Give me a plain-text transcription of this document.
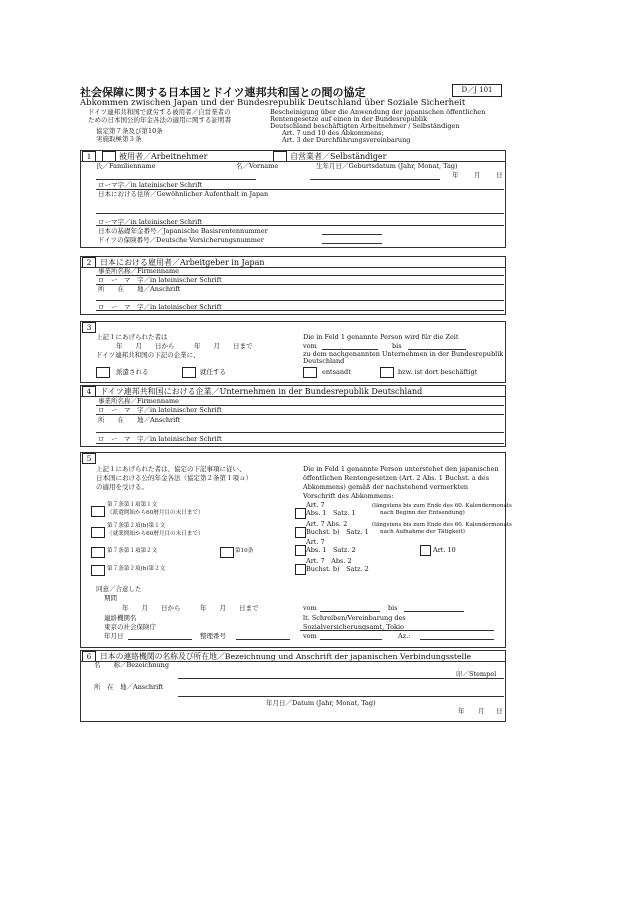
社会保障に関する日本国とドイツ連邦共和国との間の協定
Abkommen zwischen Japan und der Bundesrepublik Deutschland über Soziale Sicherheit
D／J 101
ドイツ連邦共和国で就労する被用者／自営業者の
ための日本国公的年金各法の適用に関する証明書
協定第７条及び第10条
実施取極第３条
Bescheinigung über die Anwendung der japanischen öffentlichen
Rentengesetze auf einen in der Bundesrepublik
Deutschland beschäftigten Arbeitnehmer / Selbständigen
Art. 7 und 10 des Abkommens;
Art. 3 der Durchführungsvereinbarung
1	被用者／Arbeitnehmer	自営業者／Selbständiger
氏／Familienname	名／Vorname	生年月日／Geburtsdatum (Jahr, Monat, Tag)
年 月 日
ローマ字／in lateinischer Schrift
日本における住所／Gewöhnlicher Aufenthalt in Japan
ローマ字／in lateinischer Schrift
日本の基礎年金番号／Japanische Basisrentennummer
ドイツの保険番号／Deutsche Versicherungsnummer
2	日本における雇用者／Arbeitgeber in Japan
事業所名称／Firmenname
ロ　ー　マ　字／in lateinischer Schrift
所　　在　　地／Anschrift
ロ　ー　マ　字／in lateinischer Schrift
3
上記１にあげられた者は
年　　月　　日から　　　年　　月　　日まで
ドイツ連邦共和国の下記の企業に、
Die in Feld 1 genannte Person wird für die Zeit
vom	bis
zu dem nachgenannten Unternehmen in der Bundesrepublik
Deutschland
派遣される	就任する	entsandt	bzw. ist dort beschäftigt
4	ドイツ連邦共和国における企業／Unternehmen in der Bundesrepublik Deutschland
事業所名称／Firmenname
ロ　ー　マ　字／in lateinischer Schrift
所　　在　　地／Anschrift
ロ　ー　マ　字／in lateinischer Schrift
5
上記１にあげられた者は、協定の下記事項に従い、
日本国における公的年金各法（協定第２条第１項ａ）
の適用を受ける。
Die in Feld 1 genannte Person unterstehet den japanischen
öffentlichen Rentengesetzen (Art. 2 Abs. 1 Buchst. a des
Abkommens) gemäß der nachstehend vermerkten
Vorschrift des Abkommens:
第７条第１項第１文
（派遣開始から60暦月目の末日まで）
第７条第２項(b)第１文
（就業開始から60暦月目の末日まで）
第７条第１項第２文	第10条
第７条第２項(b)第２文
Art. 7
Abs. 1　Satz. 1
(längstens bis zum Ende des 60. Kalendermonats
nach Beginn der Entsendung)
Art. 7 Abs. 2
Buchst. b)　Satz. 1
(längstens bis zum Ende des 60. Kalendermonats
nach Aufnahme der Tätigkeit)
Art. 7
Abs. 1　Satz. 2	Art. 10
Art. 7　Abs. 2
Buchst. b)　Satz. 2
同意／合意した
期間
年　　月　　日から　　　年　　月　　日まで	vom	bis
連絡機関名
東京の社会保険庁
年月日	整理番号
lt. Schreiben/Vereinbarung des
Sozialversicherungsamt, Tokio
vom	Az.:
6	日本の連絡機関の名称及び所在地／Bezeichnung und Anschrift der japanischen Verbindungsstelle
名　　称／Bezeichnung
印／Stempel
所　在　地／Anschrift
年月日／Datum (Jahr, Monat, Tag)
年 月 日
